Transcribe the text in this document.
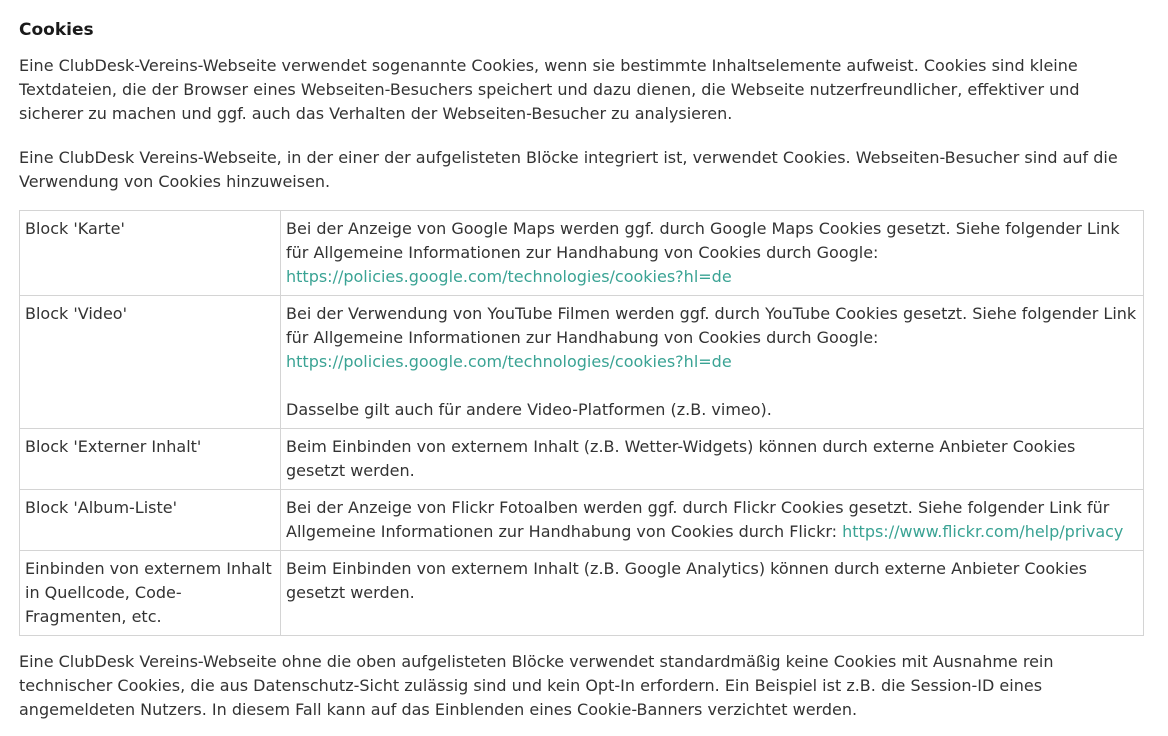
Cookies

Eine ClubDesk-Vereins-Webseite verwendet sogenannte Cookies, wenn sie bestimmte Inhaltselemente aufweist. Cookies sind kleine Textdateien, die der Browser eines Webseiten-Besuchers speichert und dazu dienen, die Webseite nutzerfreundlicher, effektiver und sicherer zu machen und ggf. auch das Verhalten der Webseiten-Besucher zu analysieren.

Eine ClubDesk Vereins-Webseite, in der einer der aufgelisteten Blöcke integriert ist, verwendet Cookies. Webseiten-Besucher sind auf die Verwendung von Cookies hinzuweisen.

Block 'Karte'	Bei der Anzeige von Google Maps werden ggf. durch Google Maps Cookies gesetzt. Siehe folgender Link für Allgemeine Informationen zur Handhabung von Cookies durch Google:
https://policies.google.com/technologies/cookies?hl=de
Block 'Video'	Bei der Verwendung von YouTube Filmen werden ggf. durch YouTube Cookies gesetzt. Siehe folgender Link für Allgemeine Informationen zur Handhabung von Cookies durch Google:
https://policies.google.com/technologies/cookies?hl=de
Dasselbe gilt auch für andere Video-Platformen (z.B. vimeo).
Block 'Externer Inhalt'	Beim Einbinden von externem Inhalt (z.B. Wetter-Widgets) können durch externe Anbieter Cookies gesetzt werden.
Block 'Album-Liste'	Bei der Anzeige von Flickr Fotoalben werden ggf. durch Flickr Cookies gesetzt. Siehe folgender Link für Allgemeine Informationen zur Handhabung von Cookies durch Flickr: https://www.flickr.com/help/privacy
Einbinden von externem Inhalt in Quellcode, Code-Fragmenten, etc.	Beim Einbinden von externem Inhalt (z.B. Google Analytics) können durch externe Anbieter Cookies gesetzt werden.

Eine ClubDesk Vereins-Webseite ohne die oben aufgelisteten Blöcke verwendet standardmäßig keine Cookies mit Ausnahme rein technischer Cookies, die aus Datenschutz-Sicht zulässig sind und kein Opt-In erfordern. Ein Beispiel ist z.B. die Session-ID eines angemeldeten Nutzers. In diesem Fall kann auf das Einblenden eines Cookie-Banners verzichtet werden.
